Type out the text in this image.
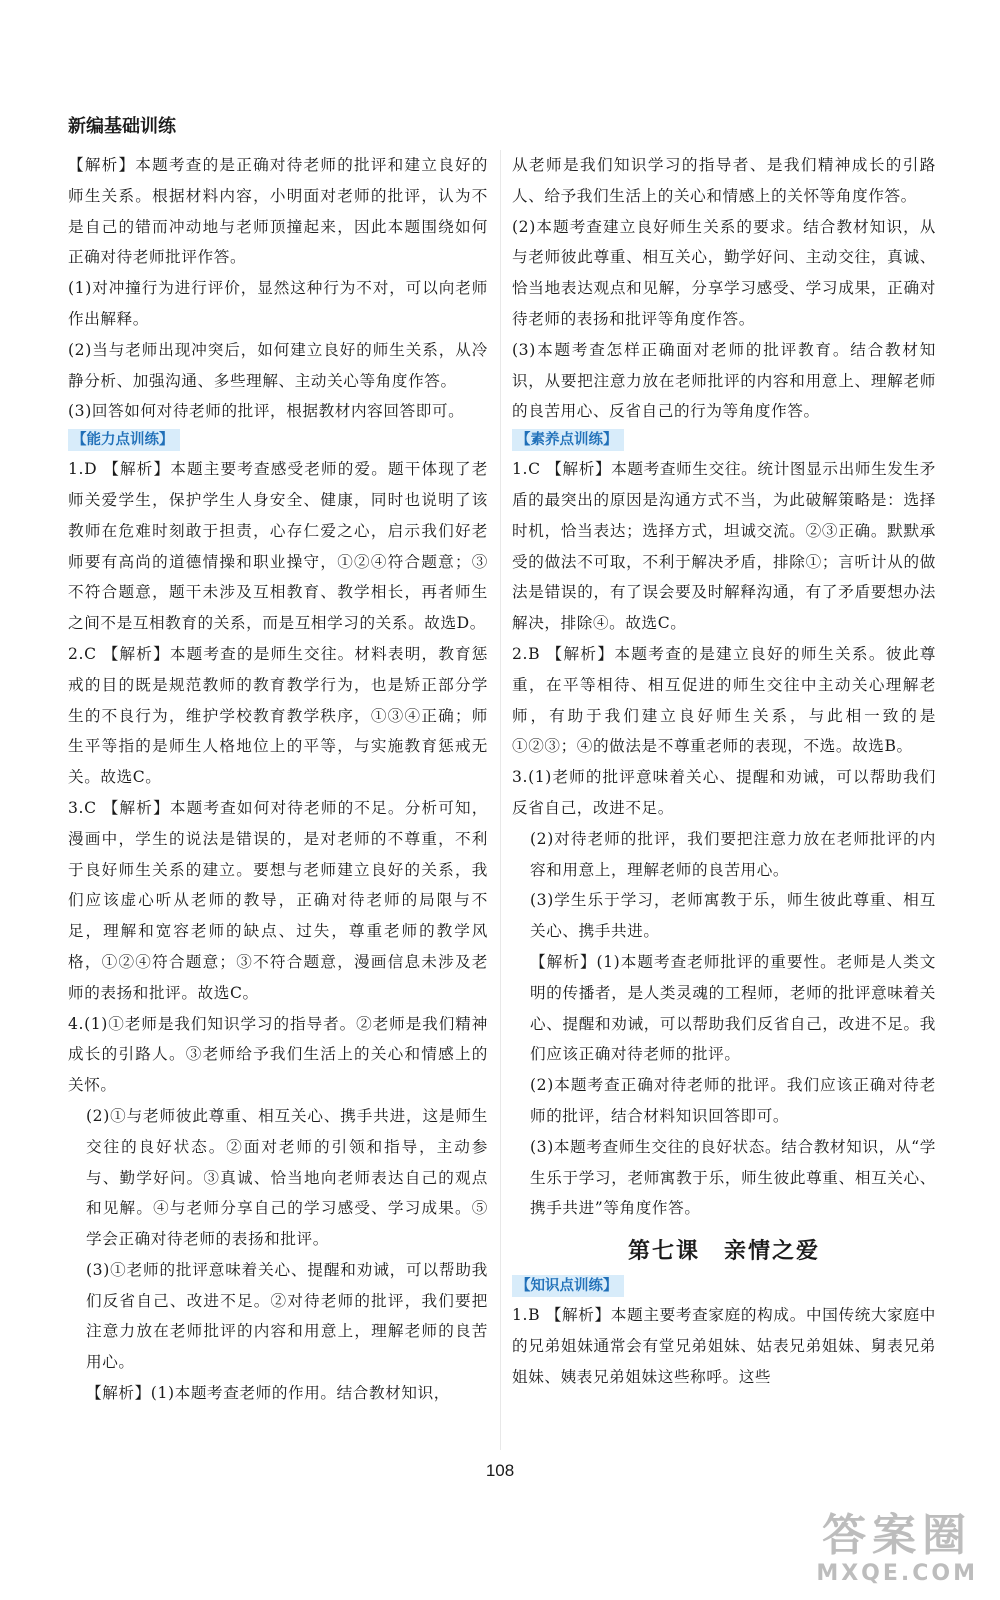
新编基础训练

【解析】本题考查的是正确对待老师的批评和建立良好的师生关系。根据材料内容，小明面对老师的批评，认为不是自己的错而冲动地与老师顶撞起来，因此本题围绕如何正确对待老师批评作答。

(1)对冲撞行为进行评价，显然这种行为不对，可以向老师作出解释。

(2)当与老师出现冲突后，如何建立良好的师生关系，从冷静分析、加强沟通、多些理解、主动关心等角度作答。

(3)回答如何对待老师的批评，根据教材内容回答即可。

【能力点训练】

1.D 【解析】本题主要考查感受老师的爱。题干体现了老师关爱学生，保护学生人身安全、健康，同时也说明了该教师在危难时刻敢于担责，心存仁爱之心，启示我们好老师要有高尚的道德情操和职业操守，①②④符合题意；③不符合题意，题干未涉及互相教育、教学相长，再者师生之间不是互相教育的关系，而是互相学习的关系。故选D。

2.C 【解析】本题考查的是师生交往。材料表明，教育惩戒的目的既是规范教师的教育教学行为，也是矫正部分学生的不良行为，维护学校教育教学秩序，①③④正确；师生平等指的是师生人格地位上的平等，与实施教育惩戒无关。故选C。

3.C 【解析】本题考查如何对待老师的不足。分析可知，漫画中，学生的说法是错误的，是对老师的不尊重，不利于良好师生关系的建立。要想与老师建立良好的关系，我们应该虚心听从老师的教导，正确对待老师的局限与不足，理解和宽容老师的缺点、过失，尊重老师的教学风格，①②④符合题意；③不符合题意，漫画信息未涉及老师的表扬和批评。故选C。

4.(1)①老师是我们知识学习的指导者。②老师是我们精神成长的引路人。③老师给予我们生活上的关心和情感上的关怀。

(2)①与老师彼此尊重、相互关心、携手共进，这是师生交往的良好状态。②面对老师的引领和指导，主动参与、勤学好问。③真诚、恰当地向老师表达自己的观点和见解。④与老师分享自己的学习感受、学习成果。⑤学会正确对待老师的表扬和批评。

(3)①老师的批评意味着关心、提醒和劝诫，可以帮助我们反省自己、改进不足。②对待老师的批评，我们要把注意力放在老师批评的内容和用意上，理解老师的良苦用心。

【解析】(1)本题考查老师的作用。结合教材知识，

从老师是我们知识学习的指导者、是我们精神成长的引路人、给予我们生活上的关心和情感上的关怀等角度作答。

(2)本题考查建立良好师生关系的要求。结合教材知识，从与老师彼此尊重、相互关心，勤学好问、主动交往，真诚、恰当地表达观点和见解，分享学习感受、学习成果，正确对待老师的表扬和批评等角度作答。

(3)本题考查怎样正确面对老师的批评教育。结合教材知识，从要把注意力放在老师批评的内容和用意上、理解老师的良苦用心、反省自己的行为等角度作答。

【素养点训练】

1.C 【解析】本题考查师生交往。统计图显示出师生发生矛盾的最突出的原因是沟通方式不当，为此破解策略是：选择时机，恰当表达；选择方式，坦诚交流。②③正确。默默承受的做法不可取，不利于解决矛盾，排除①；言听计从的做法是错误的，有了误会要及时解释沟通，有了矛盾要想办法解决，排除④。故选C。

2.B 【解析】本题考查的是建立良好的师生关系。彼此尊重，在平等相待、相互促进的师生交往中主动关心理解老师，有助于我们建立良好师生关系，与此相一致的是①②③；④的做法是不尊重老师的表现，不选。故选B。

3.(1)老师的批评意味着关心、提醒和劝诫，可以帮助我们反省自己，改进不足。

(2)对待老师的批评，我们要把注意力放在老师批评的内容和用意上，理解老师的良苦用心。

(3)学生乐于学习，老师寓教于乐，师生彼此尊重、相互关心、携手共进。

【解析】(1)本题考查老师批评的重要性。老师是人类文明的传播者，是人类灵魂的工程师，老师的批评意味着关心、提醒和劝诫，可以帮助我们反省自己，改进不足。我们应该正确对待老师的批评。

(2)本题考查正确对待老师的批评。我们应该正确对待老师的批评，结合材料知识回答即可。

(3)本题考查师生交往的良好状态。结合教材知识，从“学生乐于学习，老师寓教于乐，师生彼此尊重、相互关心、携手共进”等角度作答。

第七课 亲情之爱
【知识点训练】

1.B 【解析】本题主要考查家庭的构成。中国传统大家庭中的兄弟姐妹通常会有堂兄弟姐妹、姑表兄弟姐妹、舅表兄弟姐妹、姨表兄弟姐妹这些称呼。这些

108
答案圈
MXQE.COM
